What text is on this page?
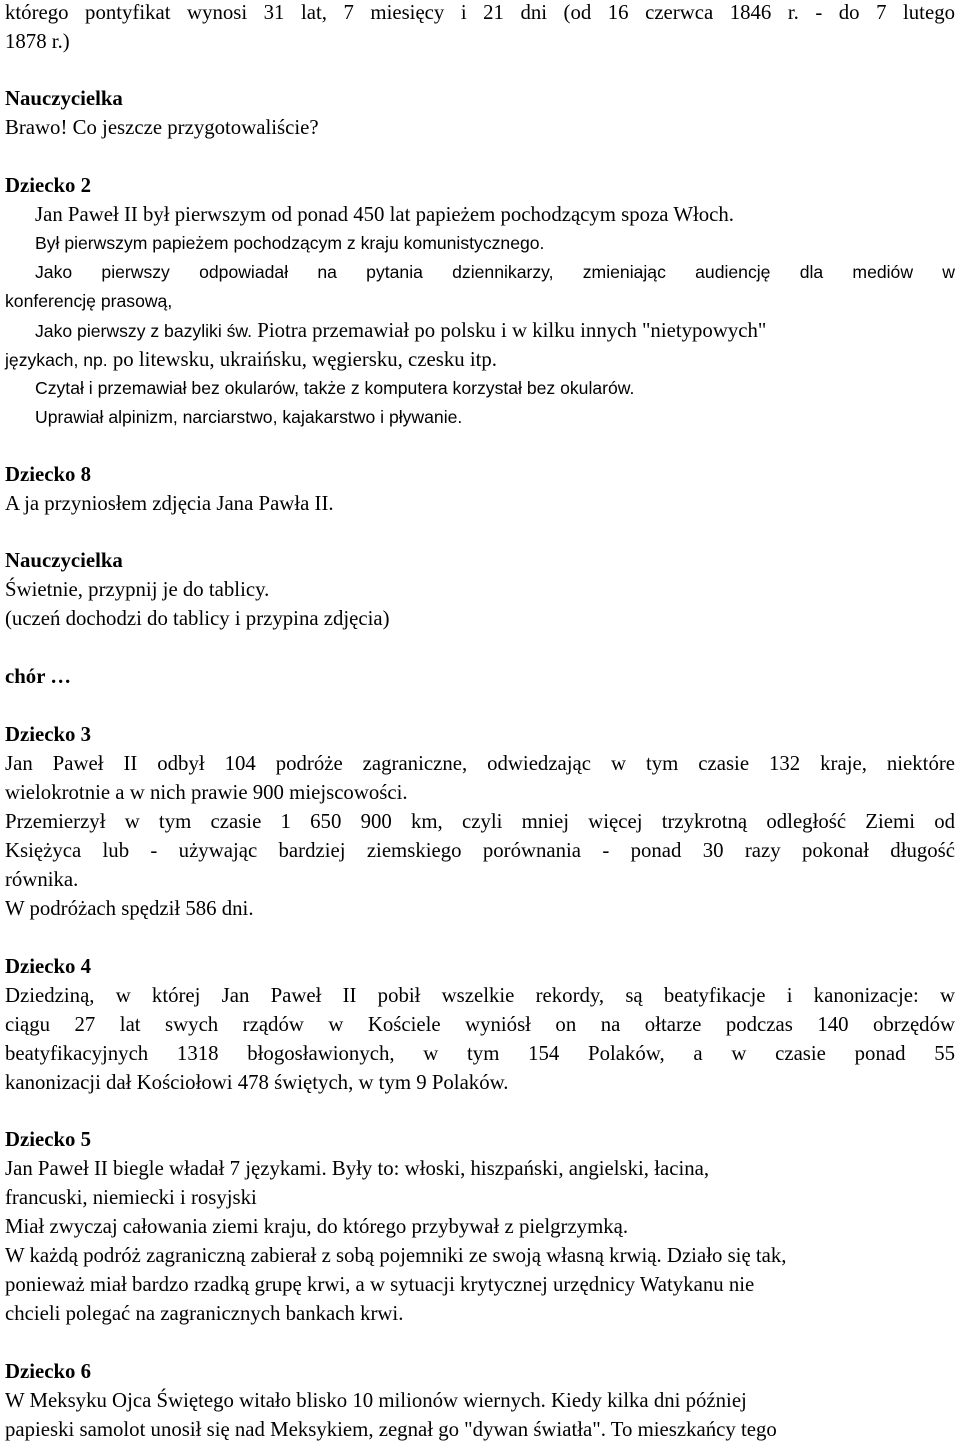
którego pontyfikat wynosi 31 lat, 7 miesięcy i 21 dni (od 16 czerwca 1846 r. - do 7 lutego
1878 r.)
Nauczycielka
Brawo! Co jeszcze przygotowaliście?
Dziecko 2
Jan Paweł II był pierwszym od ponad 450 lat papieżem pochodzącym spoza Włoch.
Był pierwszym papieżem pochodzącym z kraju komunistycznego.
Jako pierwszy odpowiadał na pytania dziennikarzy, zmieniając audiencję dla mediów w
konferencję prasową,
Jako pierwszy z bazyliki św. Piotra przemawiał po polsku i w kilku innych "nietypowych"
językach, np. po litewsku, ukraińsku, węgiersku, czesku itp.
Czytał i przemawiał bez okularów, także z komputera korzystał bez okularów.
Uprawiał alpinizm, narciarstwo, kajakarstwo i pływanie.
Dziecko 8
A ja przyniosłem zdjęcia Jana Pawła II.
Nauczycielka
Świetnie, przypnij je do tablicy.
(uczeń dochodzi do tablicy i przypina zdjęcia)
chór …
Dziecko 3
Jan Paweł II odbył 104 podróże zagraniczne, odwiedzając w tym czasie 132 kraje, niektóre
wielokrotnie a w nich prawie 900 miejscowości.
Przemierzył w tym czasie 1 650 900 km, czyli mniej więcej trzykrotną odległość Ziemi od
Księżyca lub - używając bardziej ziemskiego porównania - ponad 30 razy pokonał długość
równika.
W podróżach spędził 586 dni.
Dziecko 4
Dziedziną, w której Jan Paweł II pobił wszelkie rekordy, są beatyfikacje i kanonizacje: w
ciągu 27 lat swych rządów w Kościele wyniósł on na ołtarze podczas 140 obrzędów
beatyfikacyjnych 1318 błogosławionych, w tym 154 Polaków, a w czasie ponad 55
kanonizacji dał Kościołowi 478 świętych, w tym 9 Polaków.
Dziecko 5
Jan Paweł II biegle władał 7 językami. Były to: włoski, hiszpański, angielski, łacina,
francuski, niemiecki i rosyjski
Miał zwyczaj całowania ziemi kraju, do którego przybywał z pielgrzymką.
W każdą podróż zagraniczną zabierał z sobą pojemniki ze swoją własną krwią. Działo się tak,
ponieważ miał bardzo rzadką grupę krwi, a w sytuacji krytycznej urzędnicy Watykanu nie
chcieli polegać na zagranicznych bankach krwi.
Dziecko 6
W Meksyku Ojca Świętego witało blisko 10 milionów wiernych. Kiedy kilka dni później
papieski samolot unosił się nad Meksykiem, zegnał go "dywan światła". To mieszkańcy tego
